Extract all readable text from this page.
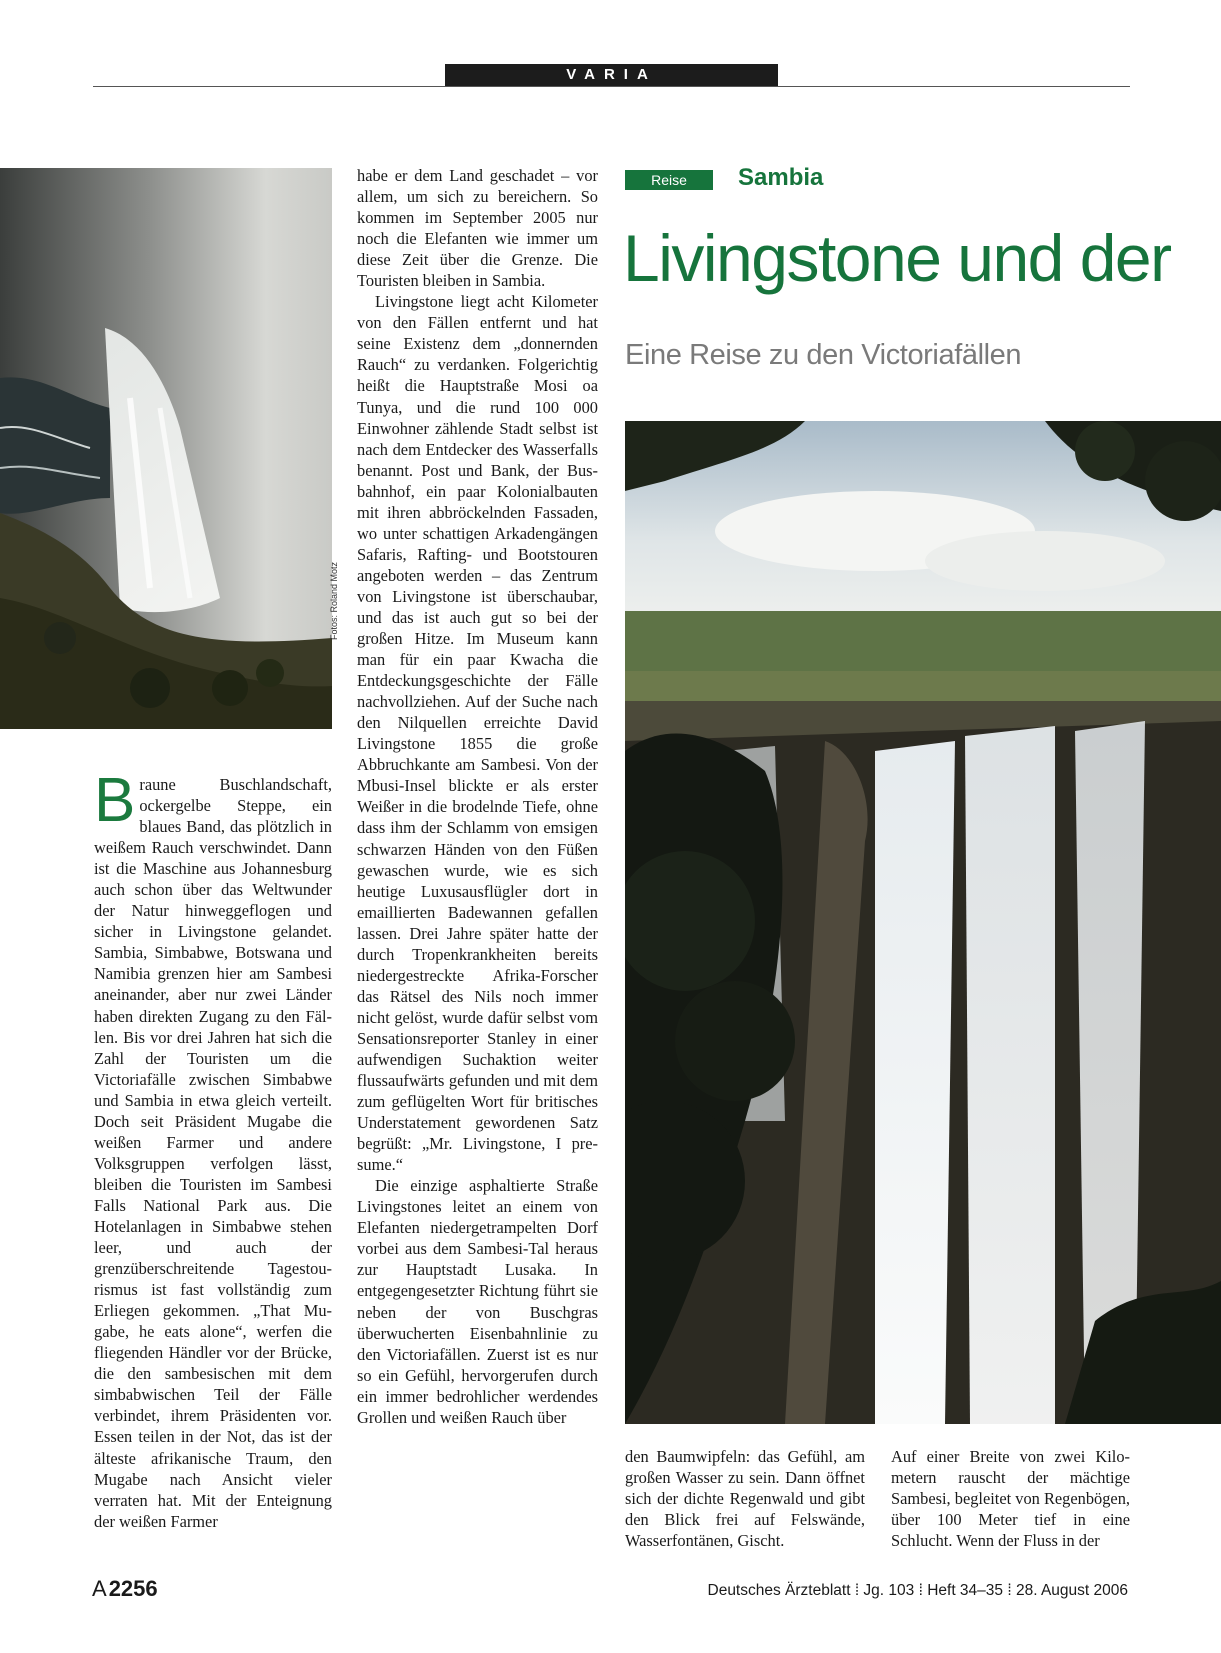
VARIA
Fotos: Roland Motz

Braune Buschlandschaft, ockergelbe Steppe, ein blaues Band, das plötzlich in weißem Rauch verschwindet. Dann ist die Maschine aus Johannesburg auch schon über das Weltwunder der Natur hinweggeflogen und sicher in Livingstone gelandet. Sambia, Simbabwe, Botswana und Namibia grenzen hier am Sambesi aneinander, aber nur zwei Länder haben direkten Zugang zu den Fällen. Bis vor drei Jahren hat sich die Zahl der Touristen um die Victoriafälle zwischen Simbabwe und Sambia in etwa gleich verteilt. Doch seit Präsident Mugabe die weißen Farmer und andere Volksgruppen verfolgen lässt, bleiben die Touristen im Sambesi Falls National Park aus. Die Hotelanlagen in Simbabwe stehen leer, und auch der grenzüberschreitende Tagestourismus ist fast vollständig zum Erliegen gekommen. „That Mugabe, he eats alone“, werfen die fliegenden Händler vor der Brücke, die den sambesischen mit dem simbabwischen Teil der Fälle verbindet, ihrem Präsidenten vor. Essen teilen in der Not, das ist der älteste afrikanische Traum, den Mugabe nach Ansicht vieler verraten hat. Mit der Enteignung der weißen Farmer

habe er dem Land geschadet – vor allem, um sich zu bereichern. So kommen im September 2005 nur noch die Elefanten wie immer um diese Zeit über die Grenze. Die Touristen bleiben in Sambia.

Livingstone liegt acht Kilometer von den Fällen entfernt und hat seine Existenz dem „donnernden Rauch“ zu verdanken. Folgerichtig heißt die Hauptstraße Mosi oa Tunya, und die rund 100 000 Einwohner zählende Stadt selbst ist nach dem Entdecker des Wasserfalls benannt. Post und Bank, der Busbahnhof, ein paar Kolonialbauten mit ihren abbröckelnden Fassaden, wo unter schattigen Arkadengängen Safaris, Rafting- und Bootstouren angeboten werden – das Zentrum von Livingstone ist überschaubar, und das ist auch gut so bei der großen Hitze. Im Museum kann man für ein paar Kwacha die Entdeckungsgeschichte der Fälle nachvollziehen. Auf der Suche nach den Nilquellen erreichte David Livingstone 1855 die große Abbruchkante am Sambesi. Von der Mbusi-Insel blickte er als erster Weißer in die brodelnde Tiefe, ohne dass ihm der Schlamm von emsigen schwarzen Händen von den Füßen gewaschen wurde, wie es sich heutige Luxusausflügler dort in emaillierten Badewannen gefallen lassen. Drei Jahre später hatte der durch Tropenkrankheiten bereits niedergestreckte Afrika-Forscher das Rätsel des Nils noch immer nicht gelöst, wurde dafür selbst vom Sensationsreporter Stanley in einer aufwendigen Suchaktion weiter flussaufwärts gefunden und mit dem zum geflügelten Wort für britisches Understatement gewordenen Satz begrüßt: „Mr. Livingstone, I presume.“

Die einzige asphaltierte Straße Livingstones leitet an einem von Elefanten niedergetrampelten Dorf vorbei aus dem Sambesi-Tal heraus zur Hauptstadt Lusaka. In entgegengesetzter Richtung führt sie neben der von Buschgras überwucherten Eisenbahnlinie zu den Victoriafällen. Zuerst ist es nur so ein Gefühl, hervorgerufen durch ein immer bedrohlicher werdendes Grollen und weißen Rauch über

Reise	Sambia
Livingstone und der
Eine Reise zu den Victoriafällen

den Baumwipfeln: das Gefühl, am großen Wasser zu sein. Dann öffnet sich der dichte Regenwald und gibt den Blick frei auf Felswände, Wasserfontänen, Gischt.

Auf einer Breite von zwei Kilometern rauscht der mächtige Sambesi, begleitet von Regenbögen, über 100 Meter tief in eine Schlucht. Wenn der Fluss in der

A2256	Deutsches Ärzteblatt ⁞ Jg. 103 ⁞ Heft 34–35 ⁞ 28. August 2006
